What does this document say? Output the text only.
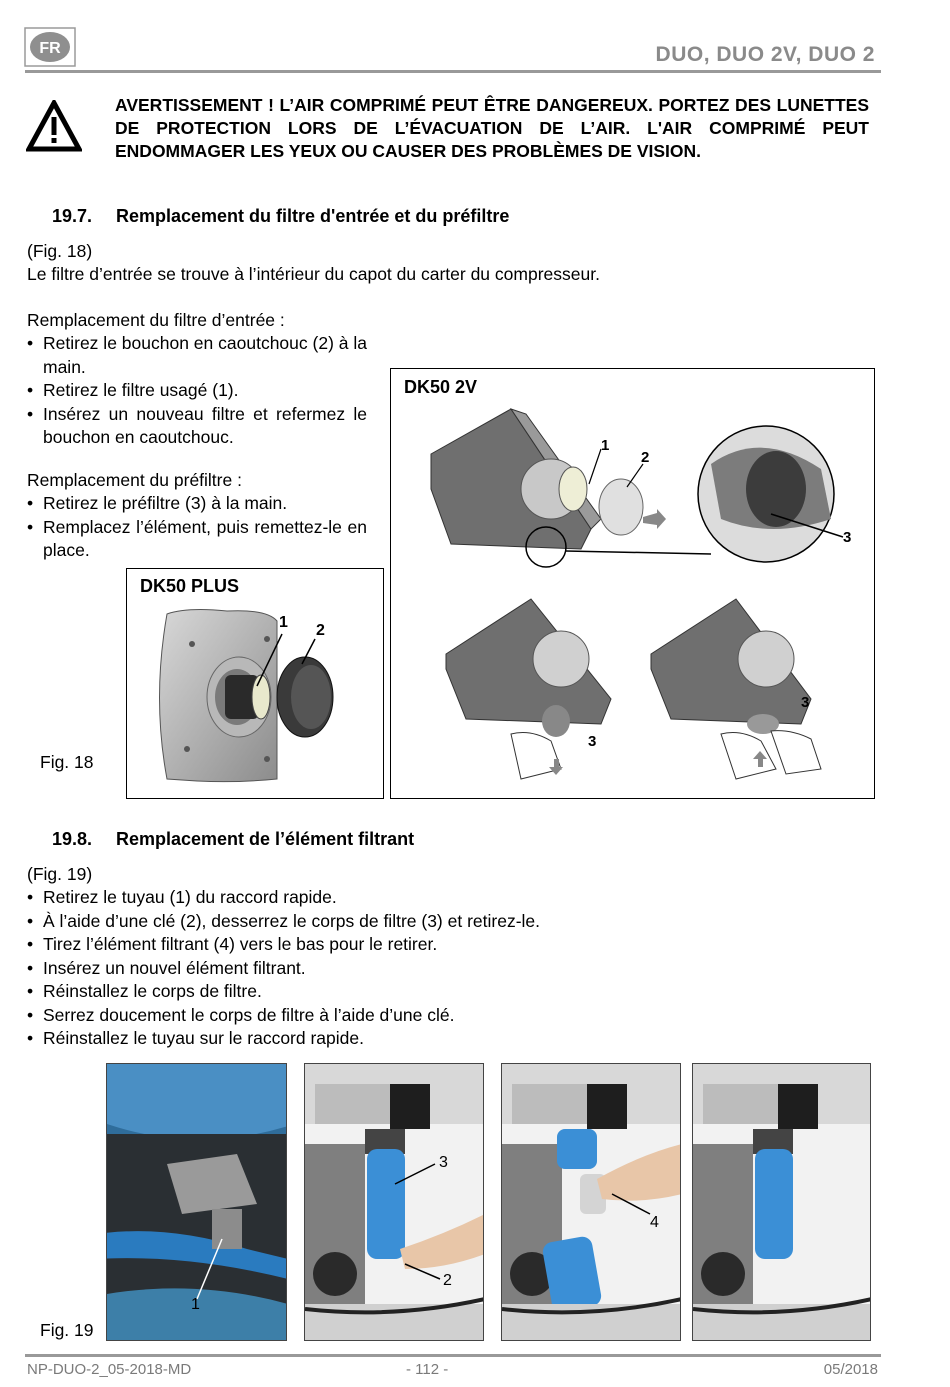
FR	DUO, DUO 2V, DUO 2
AVERTISSEMENT ! L’AIR COMPRIMÉ PEUT ÊTRE DANGEREUX. PORTEZ DES LUNETTES DE PROTECTION LORS DE L’ÉVACUATION DE L’AIR. L'AIR COMPRIMÉ PEUT ENDOMMAGER LES YEUX OU CAUSER DES PROBLÈMES DE VISION.
19.7. Remplacement du filtre d'entrée et du préfiltre
(Fig. 18)
Le filtre d’entrée se trouve à l’intérieur du capot du carter du compresseur.
Remplacement du filtre d’entrée :
• Retirez le bouchon en caoutchouc (2) à la main.
• Retirez le filtre usagé (1).
• Insérez un nouveau filtre et refermez le bouchon en caoutchouc.
Remplacement du préfiltre :
• Retirez le préfiltre (3) à la main.
• Remplacez l’élément, puis remettez-le en place.
DK50 PLUS
1 2
Fig. 18
DK50 2V
1
2
3
3
3
19.8. Remplacement de l’élément filtrant
(Fig. 19)
• Retirez le tuyau (1) du raccord rapide.
• À l’aide d’une clé (2), desserrez le corps de filtre (3) et retirez-le.
• Tirez l’élément filtrant (4) vers le bas pour le retirer.
• Insérez un nouvel élément filtrant.
• Réinstallez le corps de filtre.
• Serrez doucement le corps de filtre à l’aide d’une clé.
• Réinstallez le tuyau sur le raccord rapide.
1
3
2
4
Fig. 19
NP-DUO-2_05-2018-MD	- 112 -	05/2018
